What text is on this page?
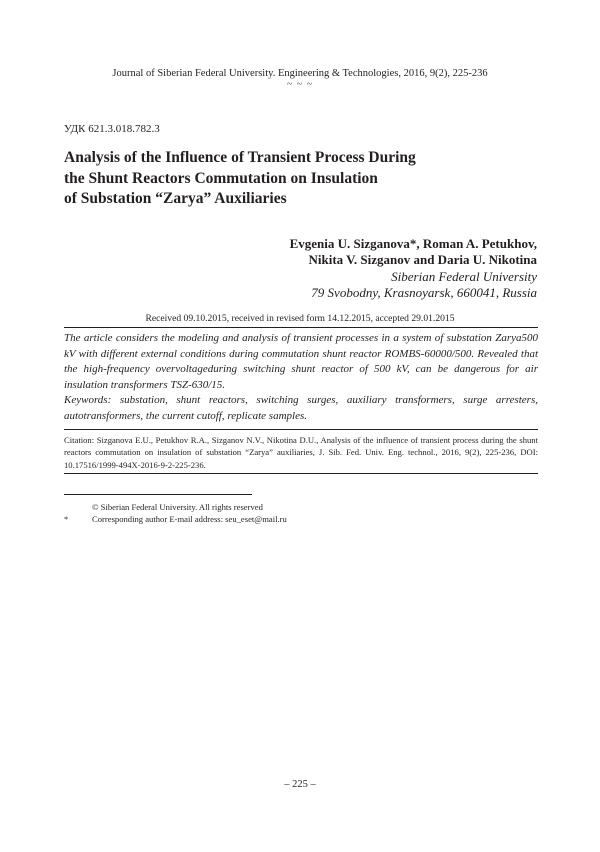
Journal of Siberian Federal University. Engineering & Technologies, 2016, 9(2), 225-236
~ ~ ~
УДК 621.3.018.782.3
Analysis of the Influence of Transient Process During
the Shunt Reactors Commutation on Insulation
of Substation “Zarya” Auxiliaries
Evgenia U. Sizganova*, Roman A. Petukhov,
Nikita V. Sizganov and Daria U. Nikotina
Siberian Federal University
79 Svobodny, Krasnoyarsk, 660041, Russia
Received 09.10.2015, received in revised form 14.12.2015, accepted 29.01.2015
The article considers the modeling and analysis of transient processes in a system of substation Zarya500 kV with different external conditions during commutation shunt reactor ROMBS-60000/500. Revealed that the high-frequency overvoltageduring switching shunt reactor of 500 kV, can be dangerous for air insulation transformers TSZ-630/15.
Keywords: substation, shunt reactors, switching surges, auxiliary transformers, surge arresters, autotransformers, the current cutoff, replicate samples.
Citation: Sizganova E.U., Petukhov R.A., Sizganov N.V., Nikotina D.U., Analysis of the influence of transient process during the shunt reactors commutation on insulation of substation “Zarya” auxiliaries, J. Sib. Fed. Univ. Eng. technol., 2016, 9(2), 225-236, DOI: 10.17516/1999-494X-2016-9-2-225-236.
© Siberian Federal University. All rights reserved
*	Corresponding author E-mail address: seu_eset@mail.ru
– 225 –
